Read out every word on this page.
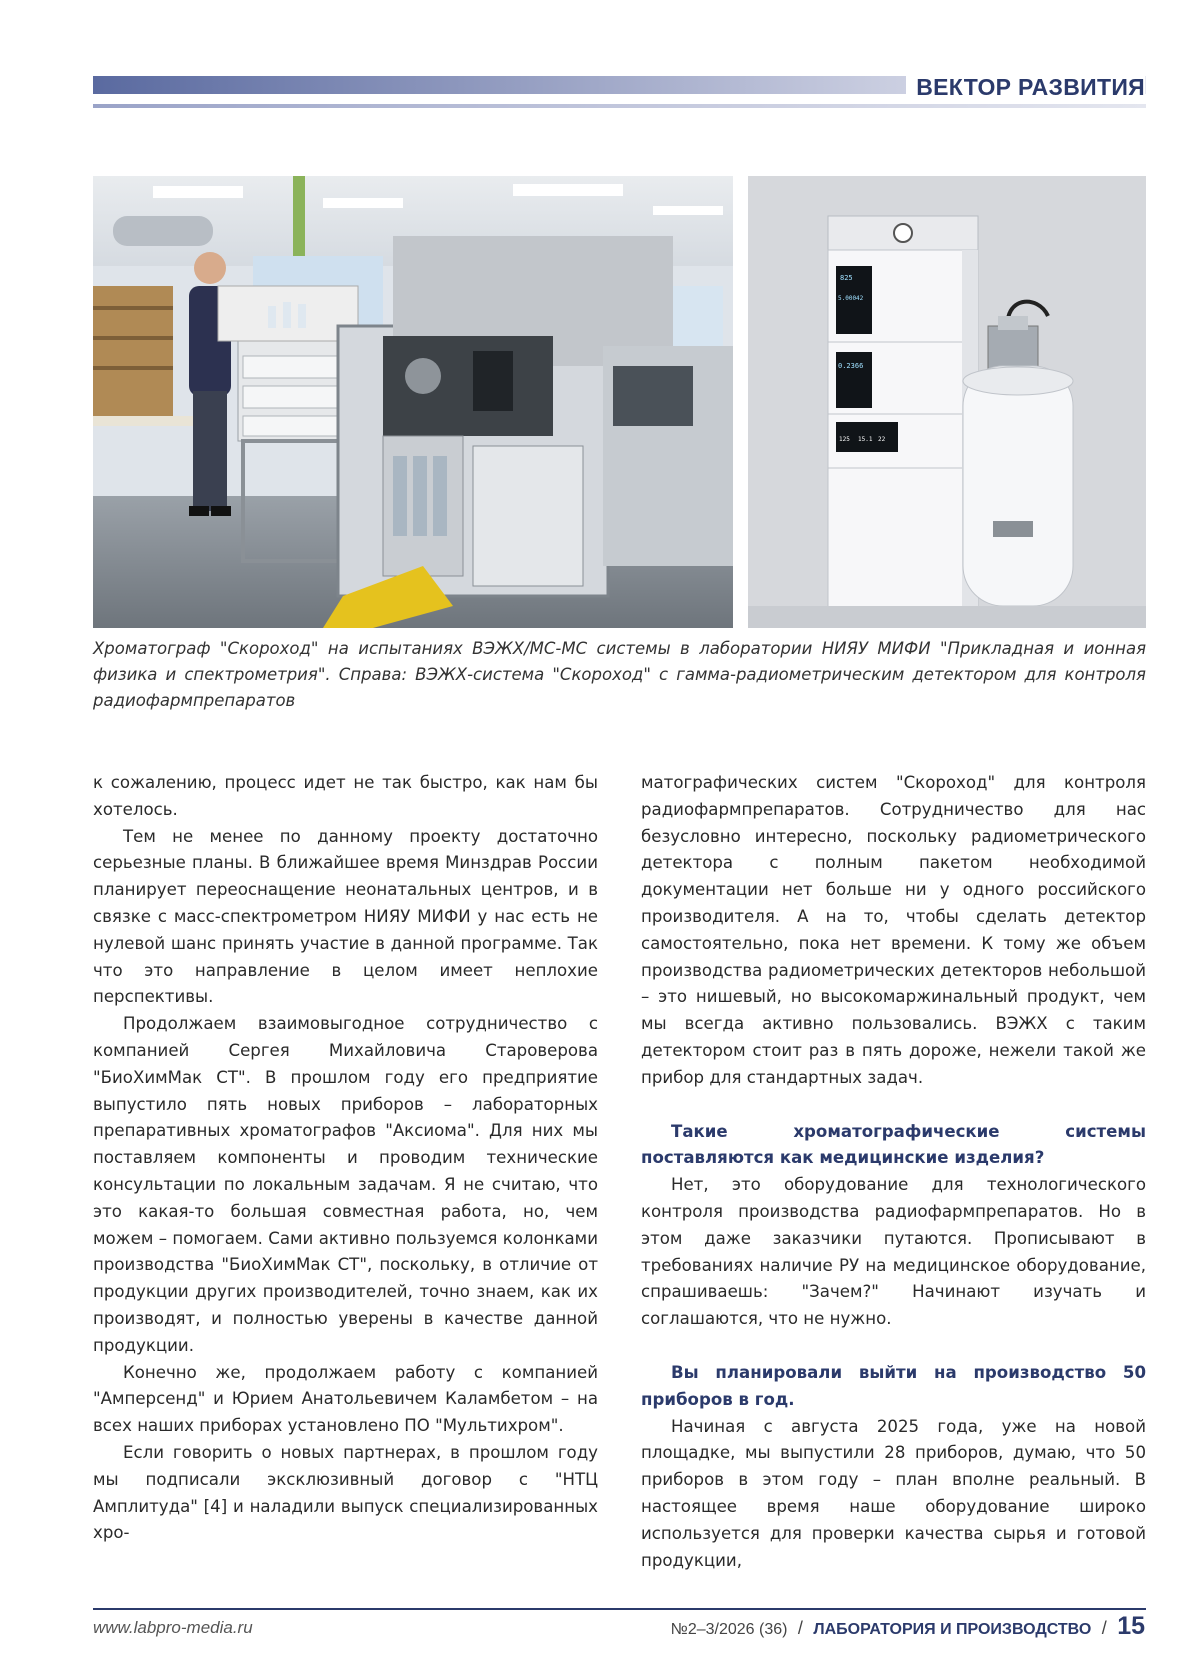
ВЕКТОР РАЗВИТИЯ
825
5.00042
0.2366
125 15.1 22
Хроматограф "Скороход" на испытаниях ВЭЖХ/МС-МС системы в лаборатории НИЯУ МИФИ "Прикладная и ионная физика и спектрометрия". Справа: ВЭЖХ-система "Скороход" с гамма-радиометрическим детектором для контроля радиофармпрепаратов

к сожалению, процесс идет не так быстро, как нам бы хотелось.

Тем не менее по данному проекту достаточно серьезные планы. В ближайшее время Минздрав России планирует переоснащение неонатальных центров, и в связке с масс-спектрометром НИЯУ МИФИ у нас есть не нулевой шанс принять участие в данной программе. Так что это направление в целом имеет неплохие перспективы.

Продолжаем взаимовыгодное сотрудничество с компанией Сергея Михайловича Староверова "БиоХимМак СТ". В прошлом году его предприятие выпустило пять новых приборов – лабораторных препаративных хроматографов "Аксиома". Для них мы поставляем компоненты и проводим технические консультации по локальным задачам. Я не считаю, что это какая-то большая совместная работа, но, чем можем – помогаем. Сами активно пользуемся колонками производства "БиоХимМак СТ", поскольку, в отличие от продукции других производителей, точно знаем, как их производят, и полностью уверены в качестве данной продукции.

Конечно же, продолжаем работу с компанией "Амперсенд" и Юрием Анатольевичем Каламбетом – на всех наших приборах установлено ПО "Мультихром".

Если говорить о новых партнерах, в прошлом году мы подписали эксклюзивный договор с "НТЦ Амплитуда" [4] и наладили выпуск специализированных хро-

матографических систем "Скороход" для контроля радиофармпрепаратов. Сотрудничество для нас безусловно интересно, поскольку радиометрического детектора с полным пакетом необходимой документации нет больше ни у одного российского производителя. А на то, чтобы сделать детектор самостоятельно, пока нет времени. К тому же объем производства радиометрических детекторов небольшой – это нишевый, но высокомаржинальный продукт, чем мы всегда активно пользовались. ВЭЖХ с таким детектором стоит раз в пять дороже, нежели такой же прибор для стандартных задач.

Такие хроматографические системы поставляются как медицинские изделия?

Нет, это оборудование для технологического контроля производства радиофармпрепаратов. Но в этом даже заказчики путаются. Прописывают в требованиях наличие РУ на медицинское оборудование, спрашиваешь: "Зачем?" Начинают изучать и соглашаются, что не нужно.

Вы планировали выйти на производство 50 приборов в год.

Начиная с августа 2025 года, уже на новой площадке, мы выпустили 28 приборов, думаю, что 50 приборов в этом году – план вполне реальный. В настоящее время наше оборудование широко используется для проверки качества сырья и готовой продукции,

www.labpro-media.ru	№2–3/2026 (36) / ЛАБОРАТОРИЯ И ПРОИЗВОДСТВО / 15
